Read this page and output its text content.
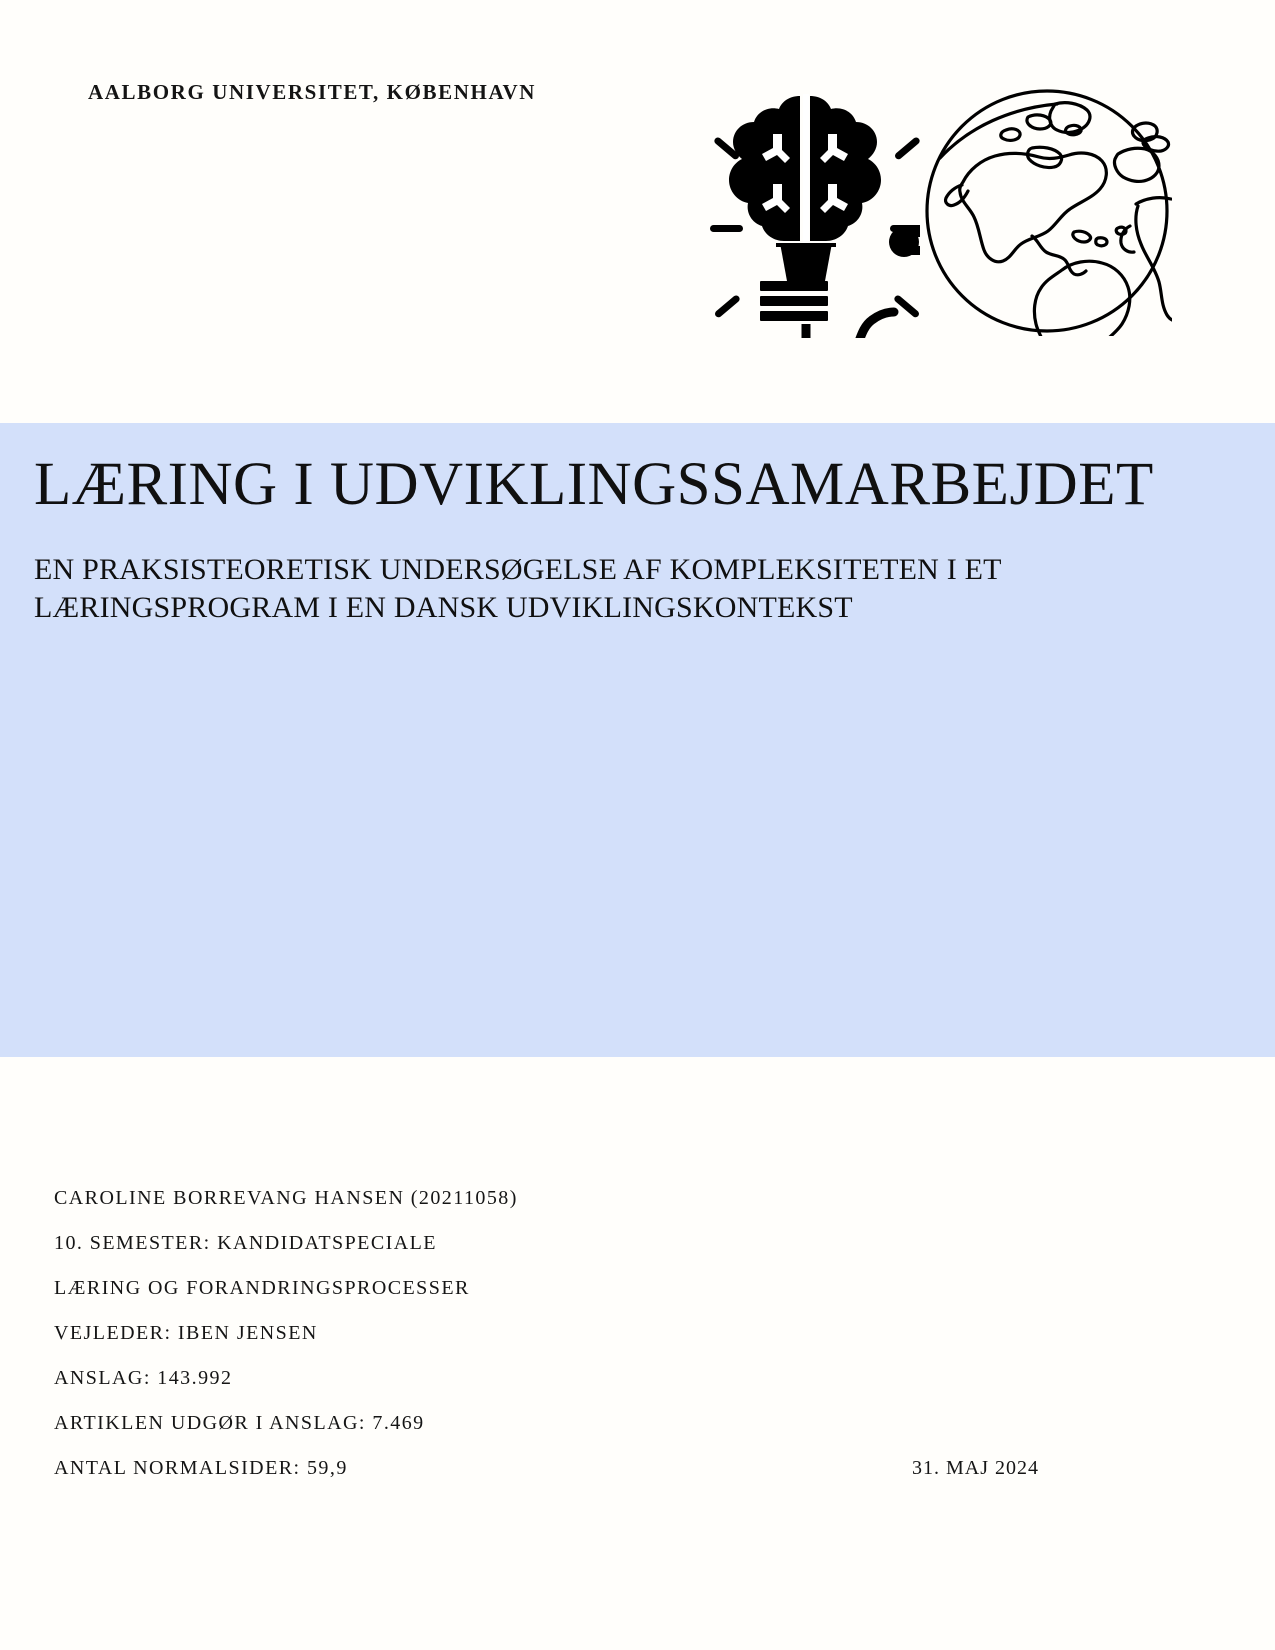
AALBORG UNIVERSITET, KØBENHAVN
LÆRING I UDVIKLINGSSAMARBEJDET
EN PRAKSISTEORETISK UNDERSØGELSE AF KOMPLEKSITETEN I ET
LÆRINGSPROGRAM I EN DANSK UDVIKLINGSKONTEKST
CAROLINE BORREVANG HANSEN (20211058)
10. SEMESTER: KANDIDATSPECIALE
LÆRING OG FORANDRINGSPROCESSER
VEJLEDER: IBEN JENSEN
ANSLAG: 143.992
ARTIKLEN UDGØR I ANSLAG: 7.469
ANTAL NORMALSIDER: 59,9	31. MAJ 2024
